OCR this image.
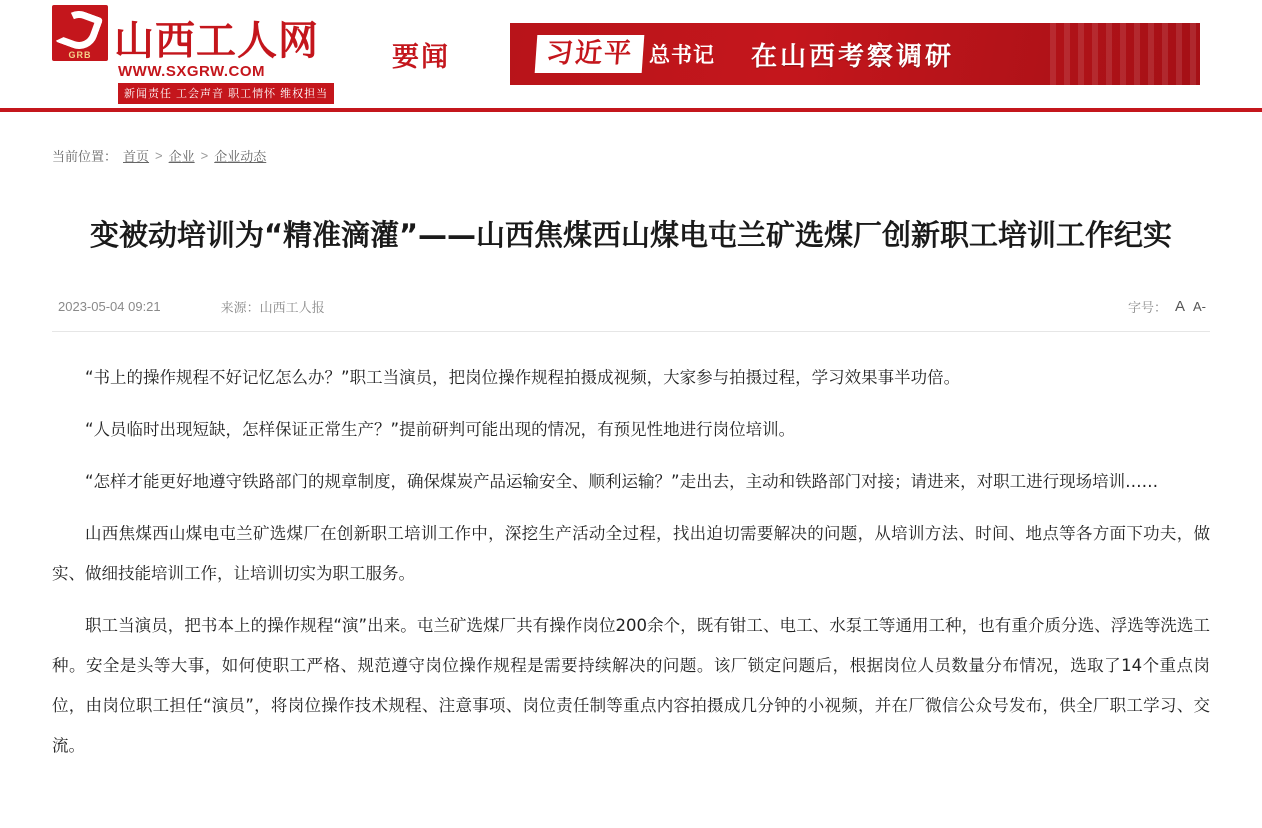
GRB 山西工人网
WWW.SXGRW.COM
新闻责任 工会声音 职工情怀 维权担当
要闻	习近平 总书记 在山西考察调研
当前位置： 首页 > 企业 > 企业动态
变被动培训为“精准滴灌”——山西焦煤西山煤电屯兰矿选煤厂创新职工培训工作纪实
2023-05-04 09:21	来源： 山西工人报	字号： A A-

“书上的操作规程不好记忆怎么办？”职工当演员，把岗位操作规程拍摄成视频，大家参与拍摄过程，学习效果事半功倍。

“人员临时出现短缺，怎样保证正常生产？”提前研判可能出现的情况，有预见性地进行岗位培训。

“怎样才能更好地遵守铁路部门的规章制度，确保煤炭产品运输安全、顺利运输？”走出去，主动和铁路部门对接；请进来，对职工进行现场培训……

山西焦煤西山煤电屯兰矿选煤厂在创新职工培训工作中，深挖生产活动全过程，找出迫切需要解决的问题，从培训方法、时间、地点等各方面下功夫，做实、做细技能培训工作，让培训切实为职工服务。

职工当演员，把书本上的操作规程“演”出来。屯兰矿选煤厂共有操作岗位200余个，既有钳工、电工、水泵工等通用工种，也有重介质分选、浮选等洗选工种。安全是头等大事，如何使职工严格、规范遵守岗位操作规程是需要持续解决的问题。该厂锁定问题后，根据岗位人员数量分布情况，选取了14个重点岗位，由岗位职工担任“演员”，将岗位操作技术规程、注意事项、岗位责任制等重点内容拍摄成几分钟的小视频，并在厂微信公众号发布，供全厂职工学习、交流。
